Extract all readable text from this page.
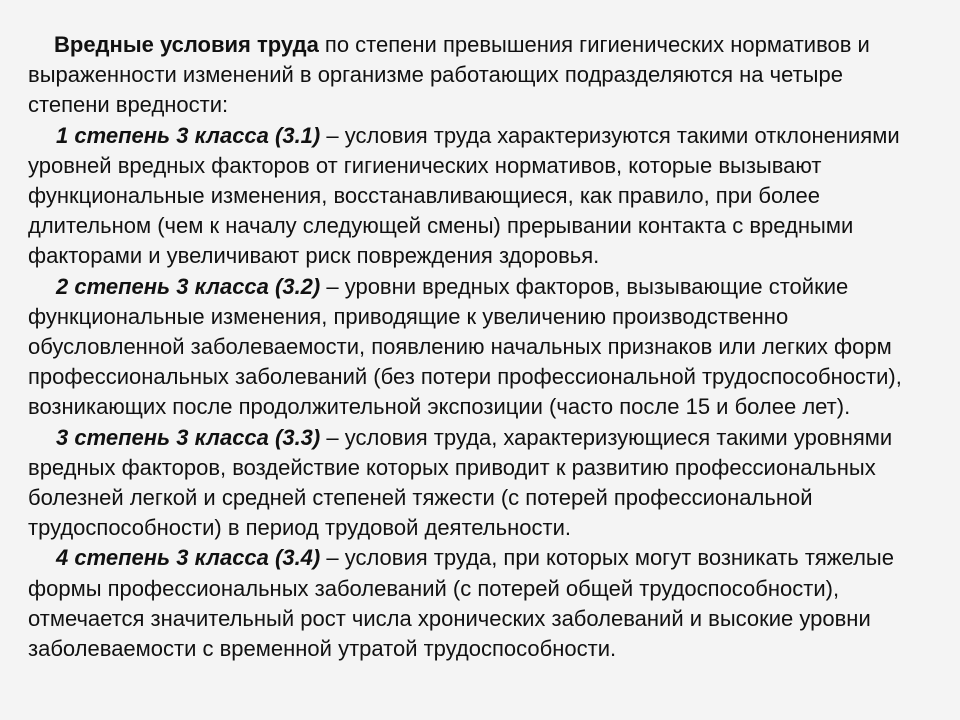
Вредные условия труда по степени превышения гигиенических нормативов и выраженности изменений в организме работающих подразделяются на четыре степени вредности:

1 степень 3 класса (3.1) – условия труда характеризуются такими отклонениями уровней вредных факторов от гигиенических нормативов, которые вызывают функциональные изменения, восстанавливающиеся, как правило, при более длительном (чем к началу следующей смены) прерывании контакта с вредными факторами и увеличивают риск повреждения здоровья.

2 степень 3 класса (3.2) – уровни вредных факторов, вызывающие стойкие функциональные изменения, приводящие к увеличению производственно обусловленной заболеваемости, появлению начальных признаков или легких форм профессиональных заболеваний (без потери профессиональной трудоспособности), возникающих после продолжительной экспозиции (часто после 15 и более лет).

3 степень 3 класса (3.3) – условия труда, характеризующиеся такими уровнями вредных факторов, воздействие которых приводит к развитию профессиональных болезней легкой и средней степеней тяжести (с потерей профессиональной трудоспособности) в период трудовой деятельности.

4 степень 3 класса (3.4) – условия труда, при которых могут возникать тяжелые формы профессиональных заболеваний (с потерей общей трудоспособности), отмечается значительный рост числа хронических заболеваний и высокие уровни заболеваемости с временной утратой трудоспособности.
